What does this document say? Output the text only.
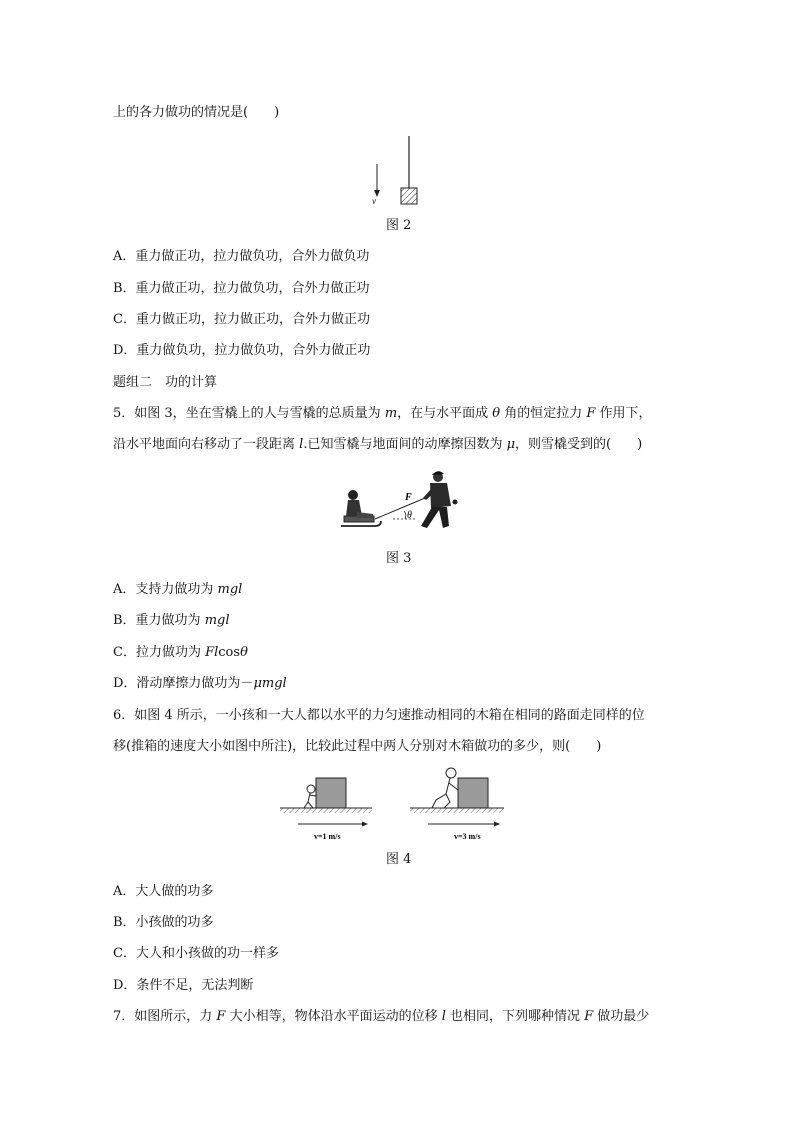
上的各力做功的情况是(　　)
v
图 2
A．重力做正功，拉力做负功，合外力做负功
B．重力做正功，拉力做负功，合外力做正功
C．重力做正功，拉力做正功，合外力做正功
D．重力做负功，拉力做负功，合外力做正功
题组二　功的计算
5．如图 3，坐在雪橇上的人与雪橇的总质量为 m，在与水平面成 θ 角的恒定拉力 F 作用下，
沿水平地面向右移动了一段距离 l.已知雪橇与地面间的动摩擦因数为 μ，则雪橇受到的(　　)
F
θ
图 3
A．支持力做功为 mgl
B．重力做功为 mgl
C．拉力做功为 Flcosθ
D．滑动摩擦力做功为－μmgl
6．如图 4 所示，一小孩和一大人都以水平的力匀速推动相同的木箱在相同的路面走同样的位
移(推箱的速度大小如图中所注)，比较此过程中两人分别对木箱做功的多少，则(　　)
v=1 m/s	v=3 m/s
图 4
A．大人做的功多
B．小孩做的功多
C．大人和小孩做的功一样多
D．条件不足，无法判断
7．如图所示，力 F 大小相等，物体沿水平面运动的位移 l 也相同，下列哪种情况 F 做功最少
